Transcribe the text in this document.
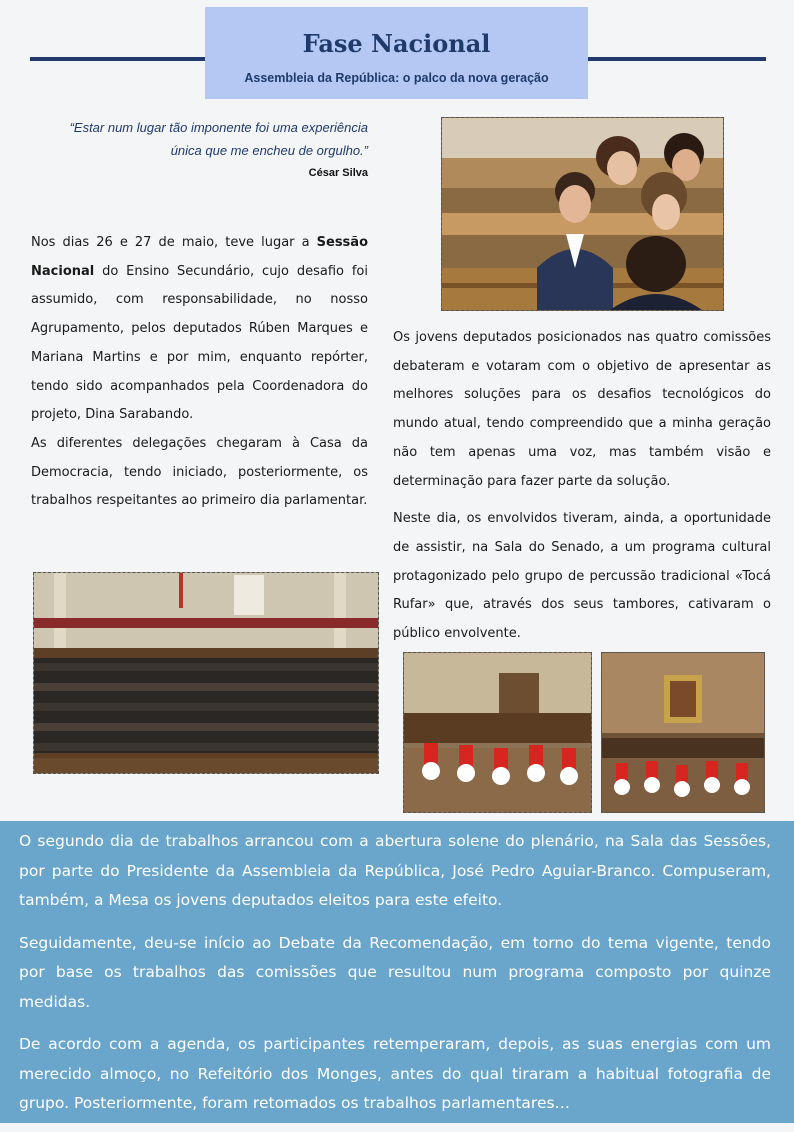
Fase Nacional
Assembleia da República: o palco da nova geração
“Estar num lugar tão imponente foi uma experiência
única que me encheu de orgulho.”
César Silva

Nos dias 26 e 27 de maio, teve lugar a Sessão Nacional do Ensino Secundário, cujo desafio foi assumido, com responsabilidade, no nosso Agrupamento, pelos deputados Rúben Marques e Mariana Martins e por mim, enquanto repórter, tendo sido acompanhados pela Coordenadora do projeto, Dina Sarabando.

As diferentes delegações chegaram à Casa da Democracia, tendo iniciado, posteriormente, os trabalhos respeitantes ao primeiro dia parlamentar.

Os jovens deputados posicionados nas quatro comissões debateram e votaram com o objetivo de apresentar as melhores soluções para os desafios tecnológicos do mundo atual, tendo compreendido que a minha geração não tem apenas uma voz, mas também visão e determinação para fazer parte da solução.

Neste dia, os envolvidos tiveram, ainda, a oportunidade de assistir, na Sala do Senado, a um programa cultural protagonizado pelo grupo de percussão tradicional «Tocá Rufar» que, através dos seus tambores, cativaram o público envolvente.

O segundo dia de trabalhos arrancou com a abertura solene do plenário, na Sala das Sessões, por parte do Presidente da Assembleia da República, José Pedro Aguiar-Branco. Compuseram, também, a Mesa os jovens deputados eleitos para este efeito.

Seguidamente, deu-se início ao Debate da Recomendação, em torno do tema vigente, tendo por base os trabalhos das comissões que resultou num programa composto por quinze medidas.

De acordo com a agenda, os participantes retemperaram, depois, as suas energias com um merecido almoço, no Refeitório dos Monges, antes do qual tiraram a habitual fotografia de grupo. Posteriormente, foram retomados os trabalhos parlamentares…
